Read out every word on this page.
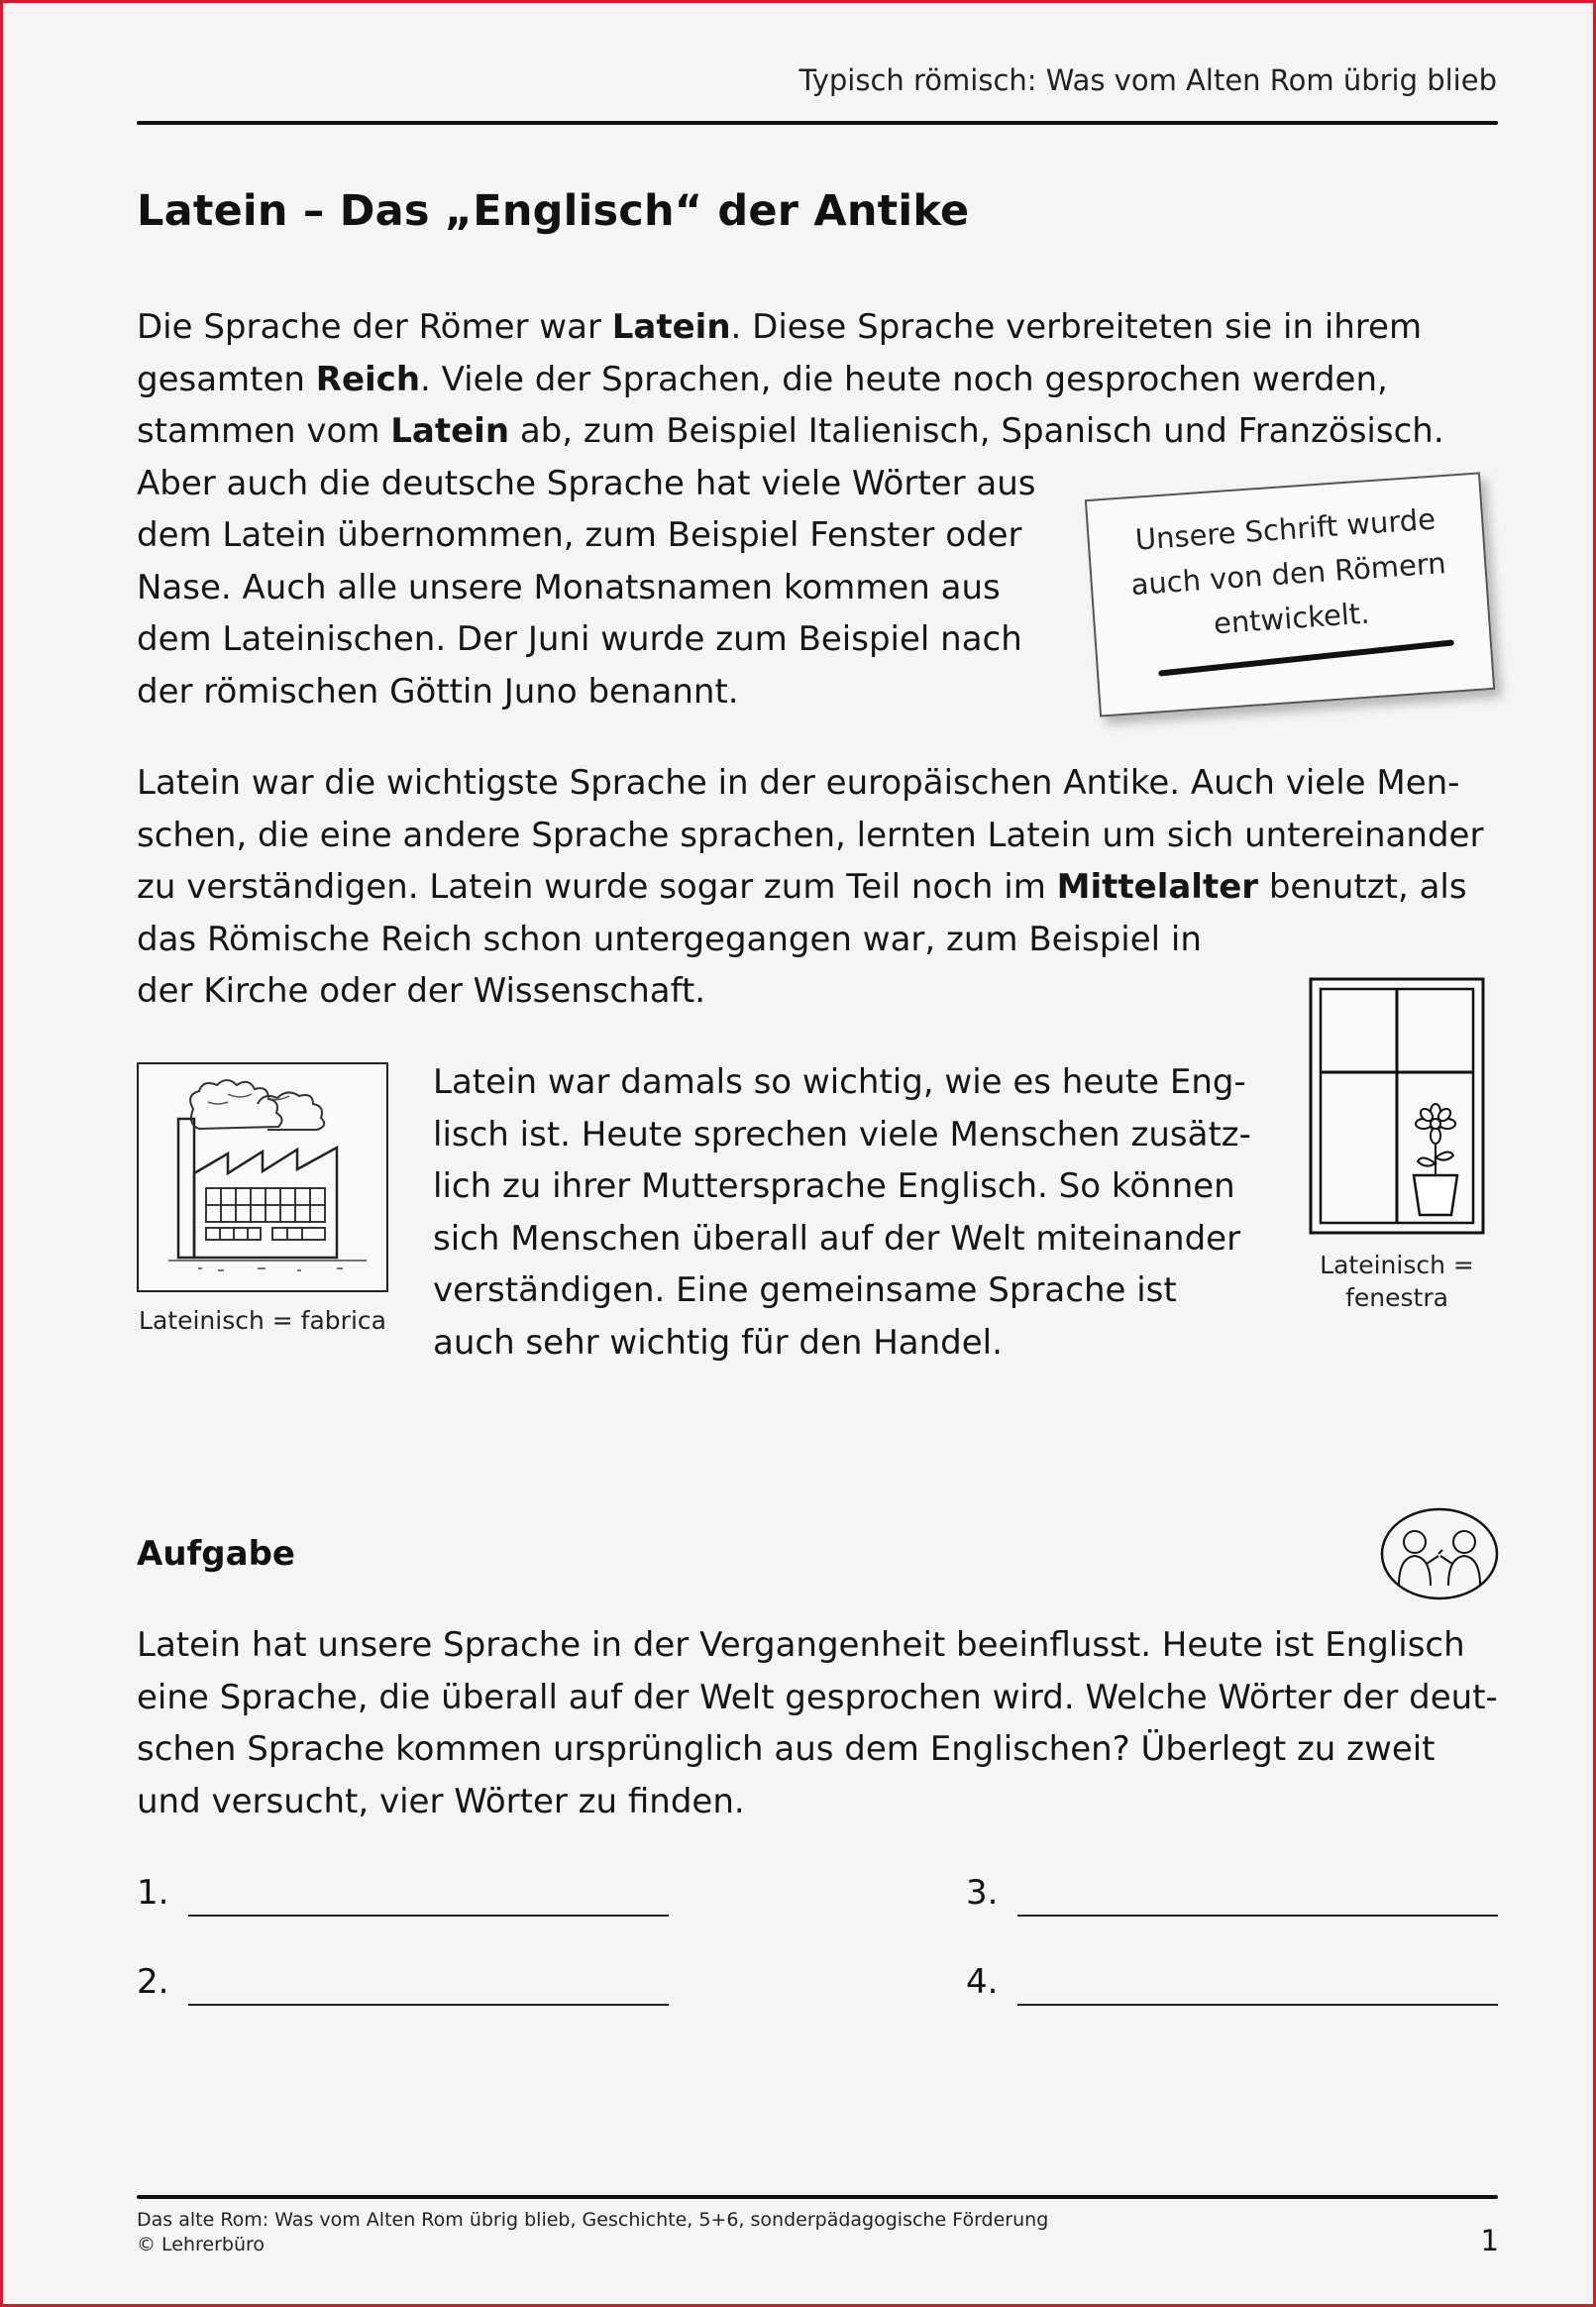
Typisch römisch: Was vom Alten Rom übrig blieb
Latein – Das „Englisch“ der Antike
Die Sprache der Römer war Latein. Diese Sprache verbreiteten sie in ihrem
gesamten Reich. Viele der Sprachen, die heute noch gesprochen werden,
stammen vom Latein ab, zum Beispiel Italienisch, Spanisch und Französisch.
Aber auch die deutsche Sprache hat viele Wörter aus
dem Latein übernommen, zum Beispiel Fenster oder
Nase. Auch alle unsere Monatsnamen kommen aus
dem Lateinischen. Der Juni wurde zum Beispiel nach
der römischen Göttin Juno benannt.
Unsere Schrift wurde
auch von den Römern
entwickelt.
Latein war die wichtigste Sprache in der europäischen Antike. Auch viele Men-
schen, die eine andere Sprache sprachen, lernten Latein um sich untereinander
zu verständigen. Latein wurde sogar zum Teil noch im Mittelalter benutzt, als
das Römische Reich schon untergegangen war, zum Beispiel in
der Kirche oder der Wissenschaft.
Lateinisch = fabrica
Latein war damals so wichtig, wie es heute Eng-
lisch ist. Heute sprechen viele Menschen zusätz-
lich zu ihrer Muttersprache Englisch. So können
sich Menschen überall auf der Welt miteinander
verständigen. Eine gemeinsame Sprache ist
auch sehr wichtig für den Handel.
Lateinisch =
fenestra
Aufgabe
Latein hat unsere Sprache in der Vergangenheit beeinflusst. Heute ist Englisch
eine Sprache, die überall auf der Welt gesprochen wird. Welche Wörter der deut-
schen Sprache kommen ursprünglich aus dem Englischen? Überlegt zu zweit
und versucht, vier Wörter zu finden.
1.
2.
3.
4.
Das alte Rom: Was vom Alten Rom übrig blieb, Geschichte, 5+6, sonderpädagogische Förderung
© Lehrerbüro	1
